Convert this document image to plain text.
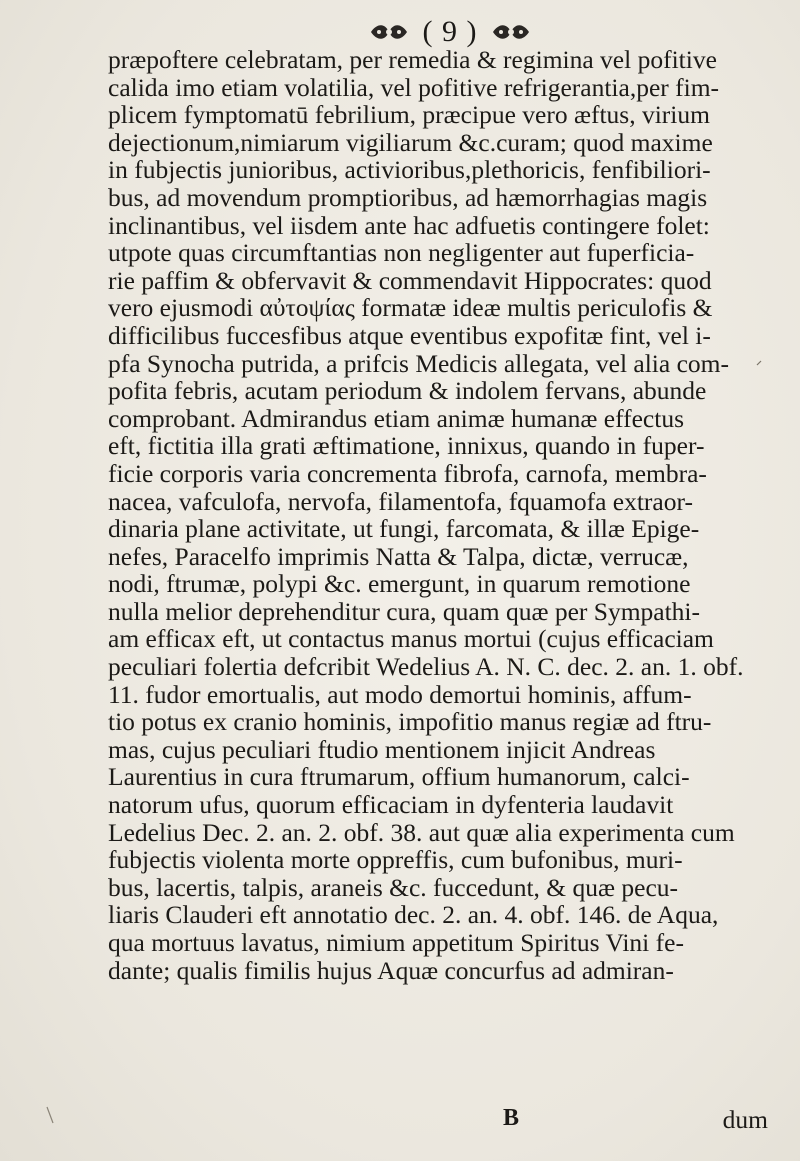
( 9 )
præpoftere celebratam, per remedia & regimina vel pofitive
calida imo etiam volatilia, vel pofitive refrigerantia,per fim-
plicem fymptomatū febrilium, præcipue vero æftus, virium
dejectionum,nimiarum vigiliarum &c.curam; quod maxime
in fubjectis junioribus, activioribus,plethoricis, fenfibiliori-
bus, ad movendum promptioribus, ad hæmorrhagias magis
inclinantibus, vel iisdem ante hac adfuetis contingere folet:
utpote quas circumftantias non negligenter aut fuperficia-
rie paffim & obfervavit & commendavit Hippocrates: quod
vero ejusmodi αὐτοψίας formatæ ideæ multis periculofis &
difficilibus fuccesfibus atque eventibus expofitæ fint, vel i-
pfa Synocha putrida, a prifcis Medicis allegata, vel alia com-
pofita febris, acutam periodum & indolem fervans, abunde
comprobant. Admirandus etiam animæ humanæ effectus
eft, fictitia illa grati æftimatione, innixus, quando in fuper-
ficie corporis varia concrementa fibrofa, carnofa, membra-
nacea, vafculofa, nervofa, filamentofa, fquamofa extraor-
dinaria plane activitate, ut fungi, farcomata, & illæ Epige-
nefes, Paracelfo imprimis Natta & Talpa, dictæ, verrucæ,
nodi, ftrumæ, polypi &c. emergunt, in quarum remotione
nulla melior deprehenditur cura, quam quæ per Sympathi-
am efficax eft, ut contactus manus mortui (cujus efficaciam
peculiari folertia defcribit Wedelius A. N. C. dec. 2. an. 1. obf.
11. fudor emortualis, aut modo demortui hominis, affum-
tio potus ex cranio hominis, impofitio manus regiæ ad ftru-
mas, cujus peculiari ftudio mentionem injicit Andreas
Laurentius in cura ftrumarum, offium humanorum, calci-
natorum ufus, quorum efficaciam in dyfenteria laudavit
Ledelius Dec. 2. an. 2. obf. 38. aut quæ alia experimenta cum
fubjectis violenta morte oppreffis, cum bufonibus, muri-
bus, lacertis, talpis, araneis &c. fuccedunt, & quæ pecu-
liaris Clauderi eft annotatio dec. 2. an. 4. obf. 146. de Aqua,
qua mortuus lavatus, nimium appetitum Spiritus Vini fe-
dante; qualis fimilis hujus Aquæ concurfus ad admiran-
B	dum
